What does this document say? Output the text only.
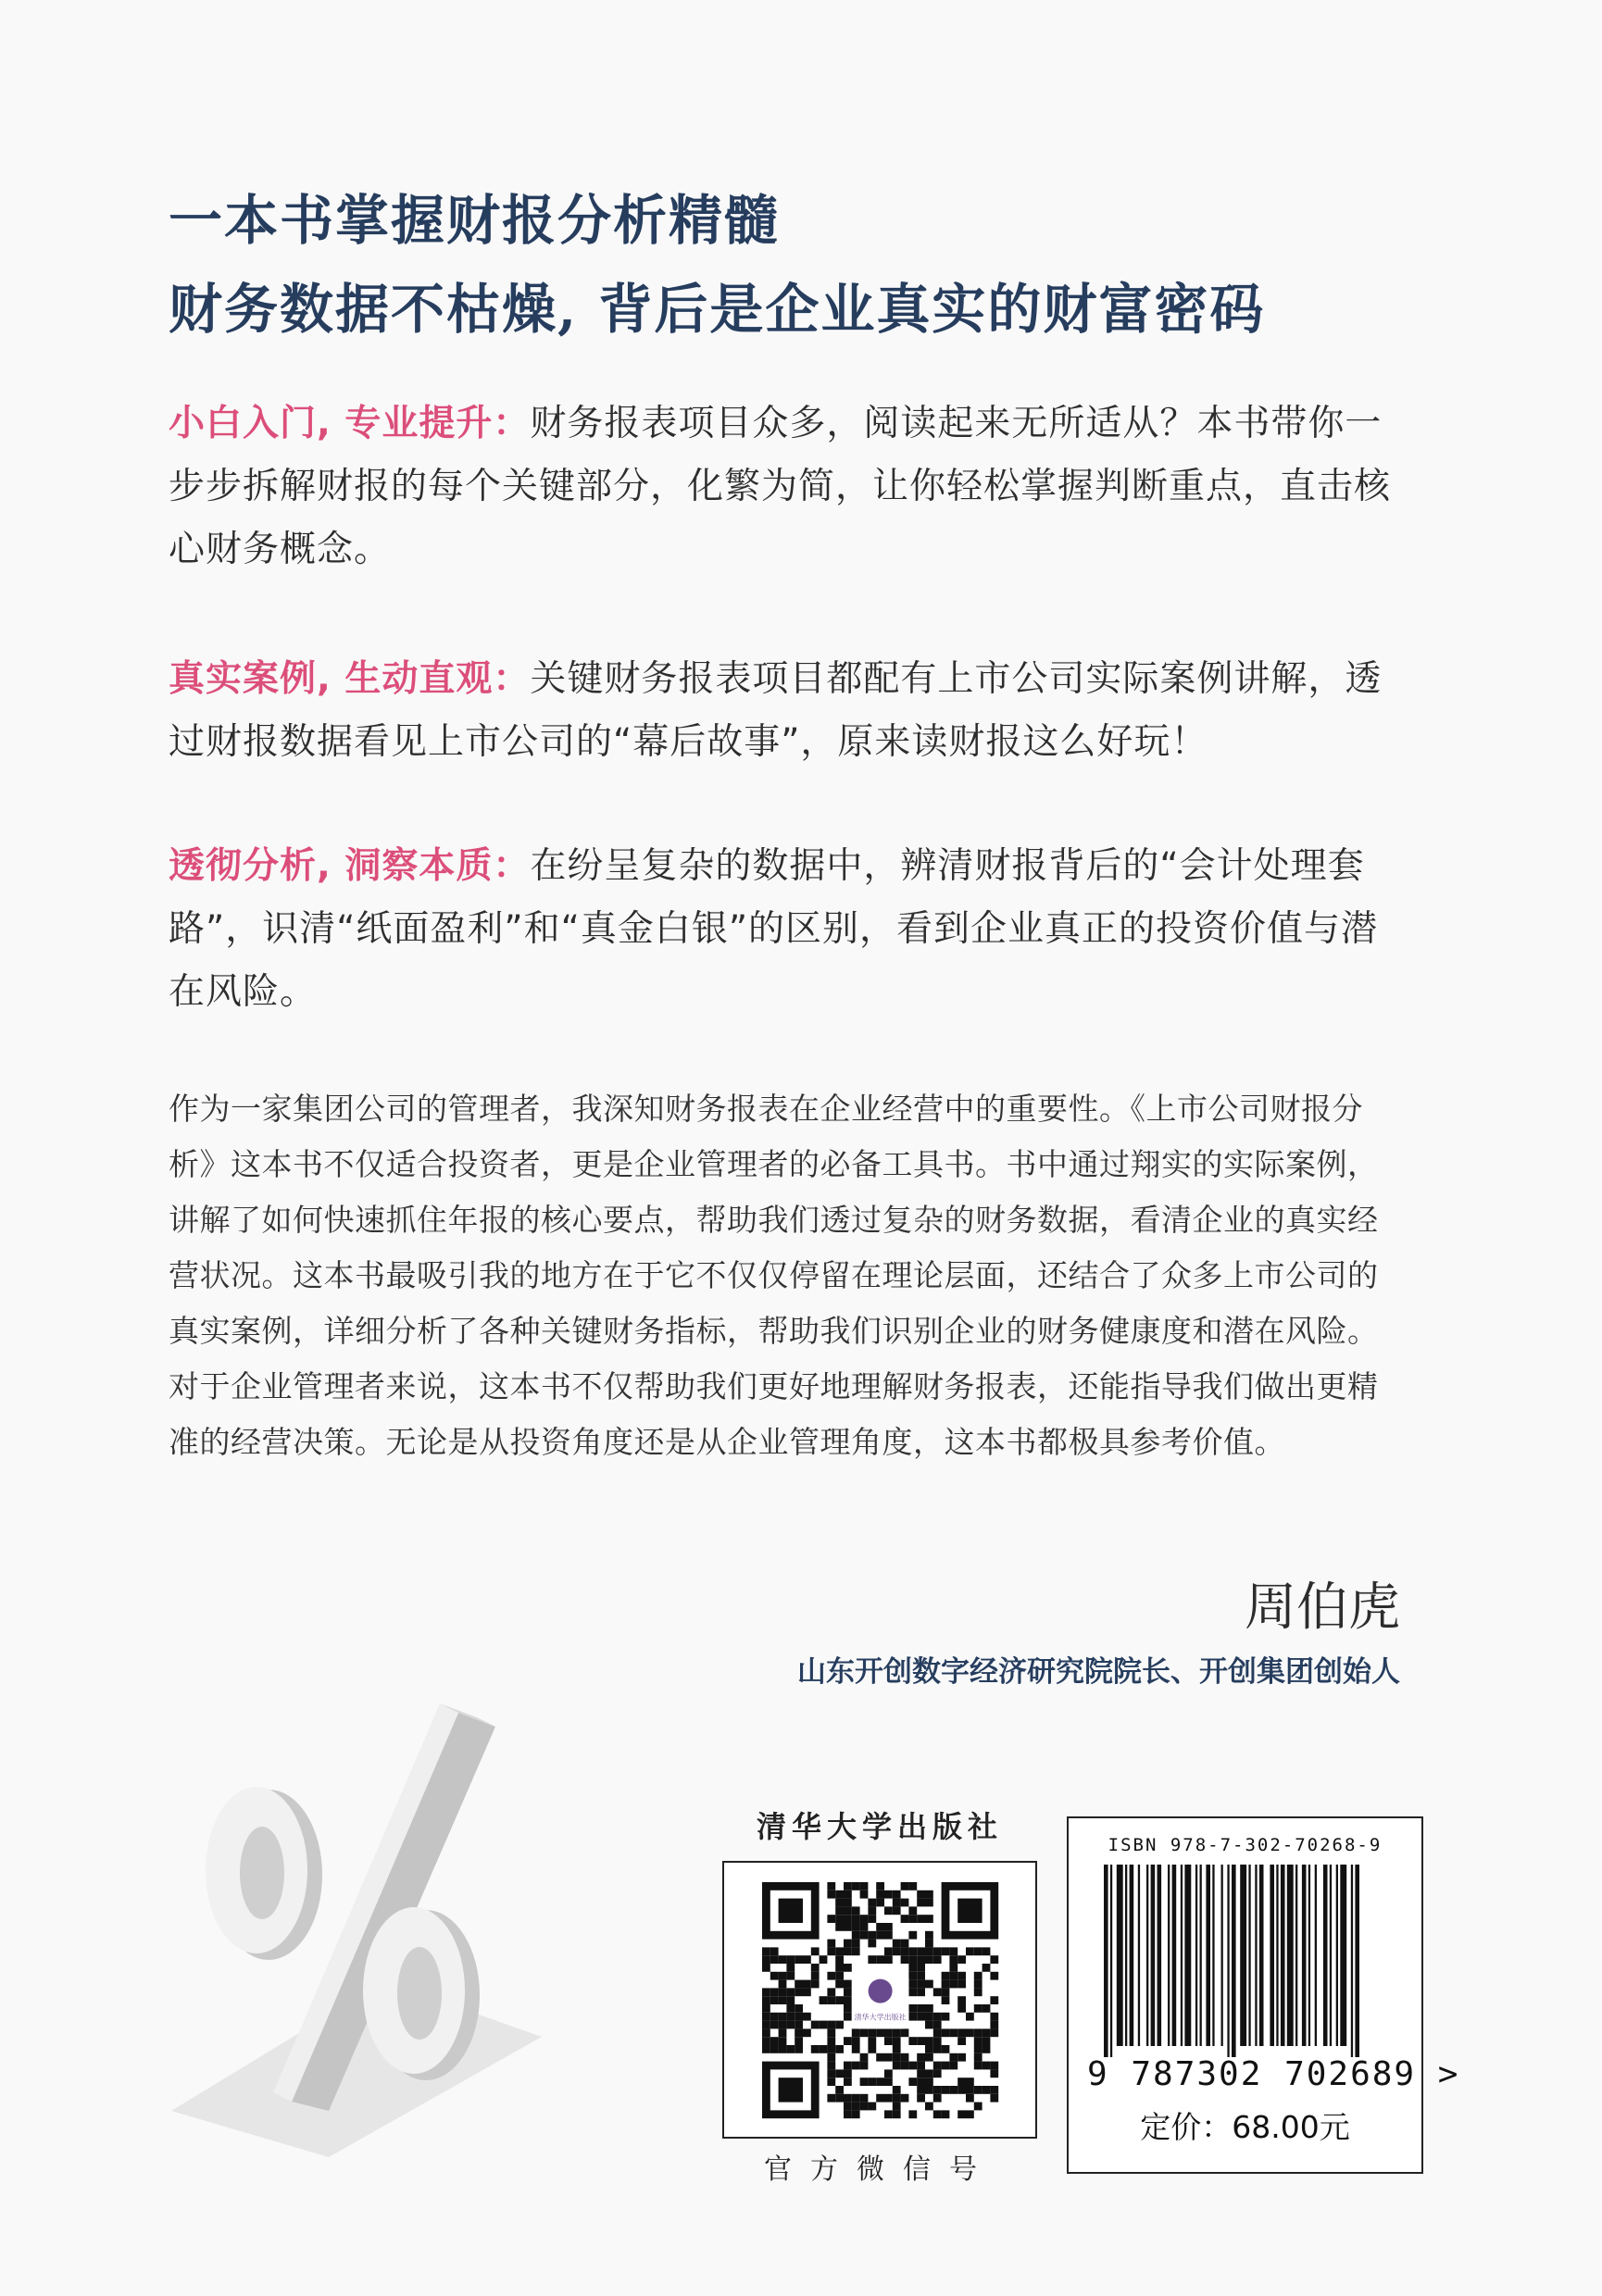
一本书掌握财报分析精髓
财务数据不枯燥, 背后是企业真实的财富密码
小白入门, 专业提升：财务报表项目众多，阅读起来无所适从？本书带你一步步拆解财报的每个关键部分，化繁为简，让你轻松掌握判断重点，直击核心财务概念。
真实案例, 生动直观：关键财务报表项目都配有上市公司实际案例讲解，透过财报数据看见上市公司的“幕后故事”，原来读财报这么好玩！
透彻分析, 洞察本质：在纷呈复杂的数据中，辨清财报背后的“会计处理套路”，识清“纸面盈利”和“真金白银”的区别，看到企业真正的投资价值与潜在风险。
作为一家集团公司的管理者，我深知财务报表在企业经营中的重要性。《上市公司财报分析》这本书不仅适合投资者，更是企业管理者的必备工具书。书中通过翔实的实际案例，讲解了如何快速抓住年报的核心要点，帮助我们透过复杂的财务数据，看清企业的真实经营状况。这本书最吸引我的地方在于它不仅仅停留在理论层面，还结合了众多上市公司的真实案例，详细分析了各种关键财务指标，帮助我们识别企业的财务健康度和潜在风险。对于企业管理者来说，这本书不仅帮助我们更好地理解财务报表，还能指导我们做出更精准的经营决策。无论是从投资角度还是从企业管理角度，这本书都极具参考价值。
周伯虎
山东开创数字经济研究院院长、开创集团创始人
清华大学出版社
清华大学出版社
官方微信号
ISBN 978-7-302-70268-9
9 787302 702689 >
定价：68.00元
